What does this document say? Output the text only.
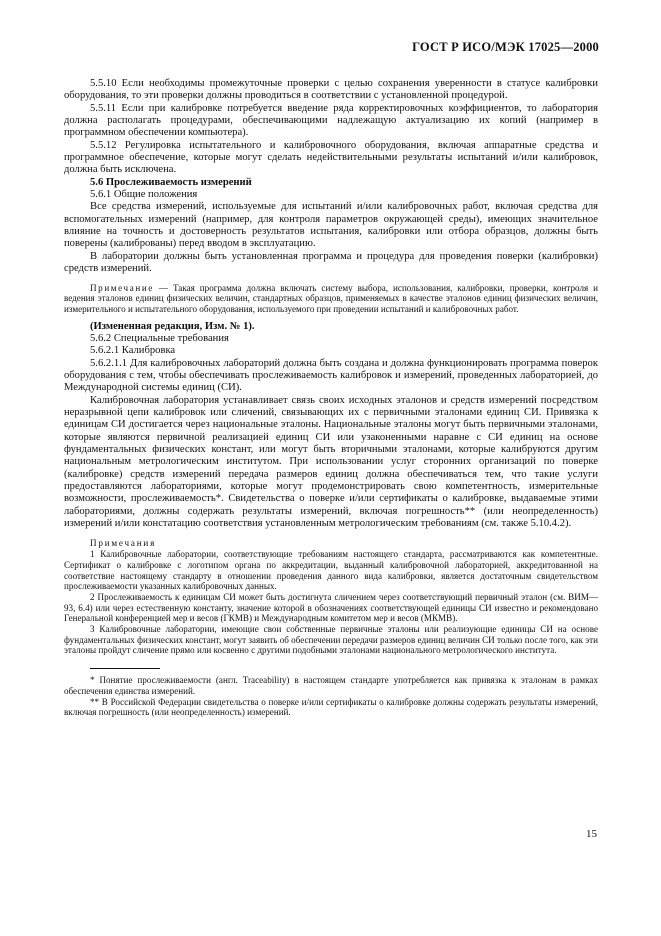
ГОСТ Р ИСО/МЭК 17025—2000

5.5.10 Если необходимы промежуточные проверки с целью сохранения уверенности в статусе калибровки оборудования, то эти проверки должны проводиться в соответствии с установленной процедурой.

5.5.11 Если при калибровке потребуется введение ряда корректировочных коэффициентов, то лаборатория должна располагать процедурами, обеспечивающими надлежащую актуализацию их копий (например в программном обеспечении компьютера).

5.5.12 Регулировка испытательного и калибровочного оборудования, включая аппаратные средства и программное обеспечение, которые могут сделать недействительными результаты испытаний и/или калибровок, должна быть исключена.

5.6 Прослеживаемость измерений

5.6.1 Общие положения

Все средства измерений, используемые для испытаний и/или калибровочных работ, включая средства для вспомогательных измерений (например, для контроля параметров окружающей среды), имеющих значительное влияние на точность и достоверность результатов испытания, калибровки или отбора образцов, должны быть поверены (калиброваны) перед вводом в эксплуатацию.

В лаборатории должны быть установленная программа и процедура для проведения поверки (калибровки) средств измерений.

Примечание — Такая программа должна включать систему выбора, использования, калибровки, проверки, контроля и ведения эталонов единиц физических величин, стандартных образцов, применяемых в качестве эталонов единиц физических величин, измерительного и испытательного оборудования, используемого при проведении испытаний и калибровочных работ.

(Измененная редакция, Изм. № 1).

5.6.2 Специальные требования

5.6.2.1 Калибровка

5.6.2.1.1 Для калибровочных лабораторий должна быть создана и должна функционировать программа поверок оборудования с тем, чтобы обеспечивать прослеживаемость калибровок и измерений, проведенных лабораторией, до Международной системы единиц (СИ).

Калибровочная лаборатория устанавливает связь своих исходных эталонов и средств измерений посредством неразрывной цепи калибровок или сличений, связывающих их с первичными эталонами единиц СИ. Привязка к единицам СИ достигается через национальные эталоны. Национальные эталоны могут быть первичными эталонами, которые являются первичной реализацией единиц СИ или узаконенными наравне с СИ единиц на основе фундаментальных физических констант, или могут быть вторичными эталонами, которые калибруются другим национальным метрологическим институтом. При использовании услуг сторонних организаций по поверке (калибровке) средств измерений передача размеров единиц должна обеспечиваться тем, что такие услуги предоставляются лабораториями, которые могут продемонстрировать свою компетентность, измерительные возможности, прослеживаемость*. Свидетельства о поверке и/или сертификаты о калибровке, выдаваемые этими лабораториями, должны содержать результаты измерений, включая погрешность** (или неопределенность) измерений и/или констатацию соответствия установленным метрологическим требованиям (см. также 5.10.4.2).

Примечания

1 Калибровочные лаборатории, соответствующие требованиям настоящего стандарта, рассматриваются как компетентные. Сертификат о калибровке с логотипом органа по аккредитации, выданный калибровочной лабораторией, аккредитованной на соответствие настоящему стандарту в отношении проведения данного вида калибровки, является достаточным свидетельством прослеживаемости указанных калибровочных данных.

2 Прослеживаемость к единицам СИ может быть достигнута сличением через соответствующий первичный эталон (см. ВИМ—93, 6.4) или через естественную константу, значение которой в обозначениях соответствующей единицы СИ известно и рекомендовано Генеральной конференцией мер и весов (ГКМВ) и Международным комитетом мер и весов (МКМВ).

3 Калибровочные лаборатории, имеющие свои собственные первичные эталоны или реализующие единицы СИ на основе фундаментальных физических констант, могут заявить об обеспечении передачи размеров единиц величин СИ только после того, как эти эталоны пройдут сличение прямо или косвенно с другими подобными эталонами национального метрологического института.

* Понятие прослеживаемости (англ. Traceability) в настоящем стандарте употребляется как привязка к эталонам в рамках обеспечения единства измерений.

** В Российской Федерации свидетельства о поверке и/или сертификаты о калибровке должны содержать результаты измерений, включая погрешность (или неопределенность) измерений.

15
